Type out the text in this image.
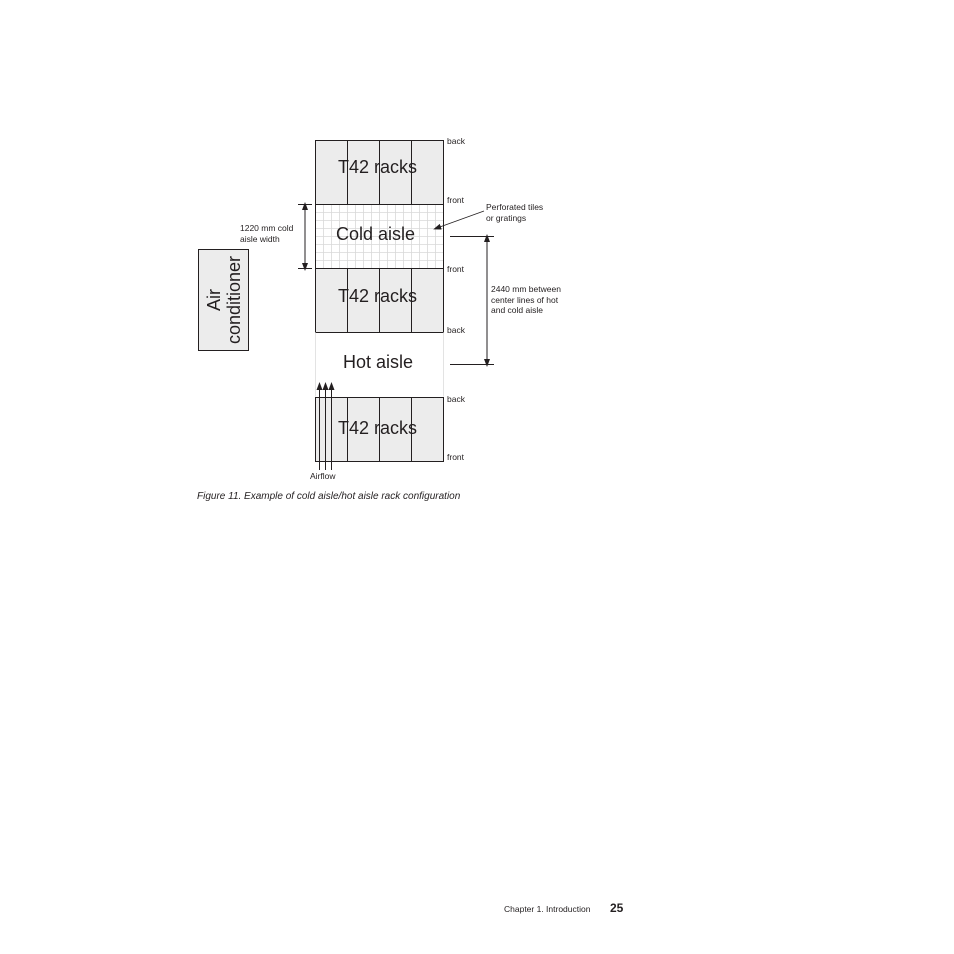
T42 racks
Cold aisle
T42 racks
Hot aisle
T42 racks
Air conditioner
back
front
front
back
back
front
1220 mm cold
aisle width
Perforated tiles
or gratings
2440 mm between
center lines of hot
and cold aisle
Airflow
Figure 11. Example of cold aisle/hot aisle rack configuration
Chapter 1. Introduction 25
